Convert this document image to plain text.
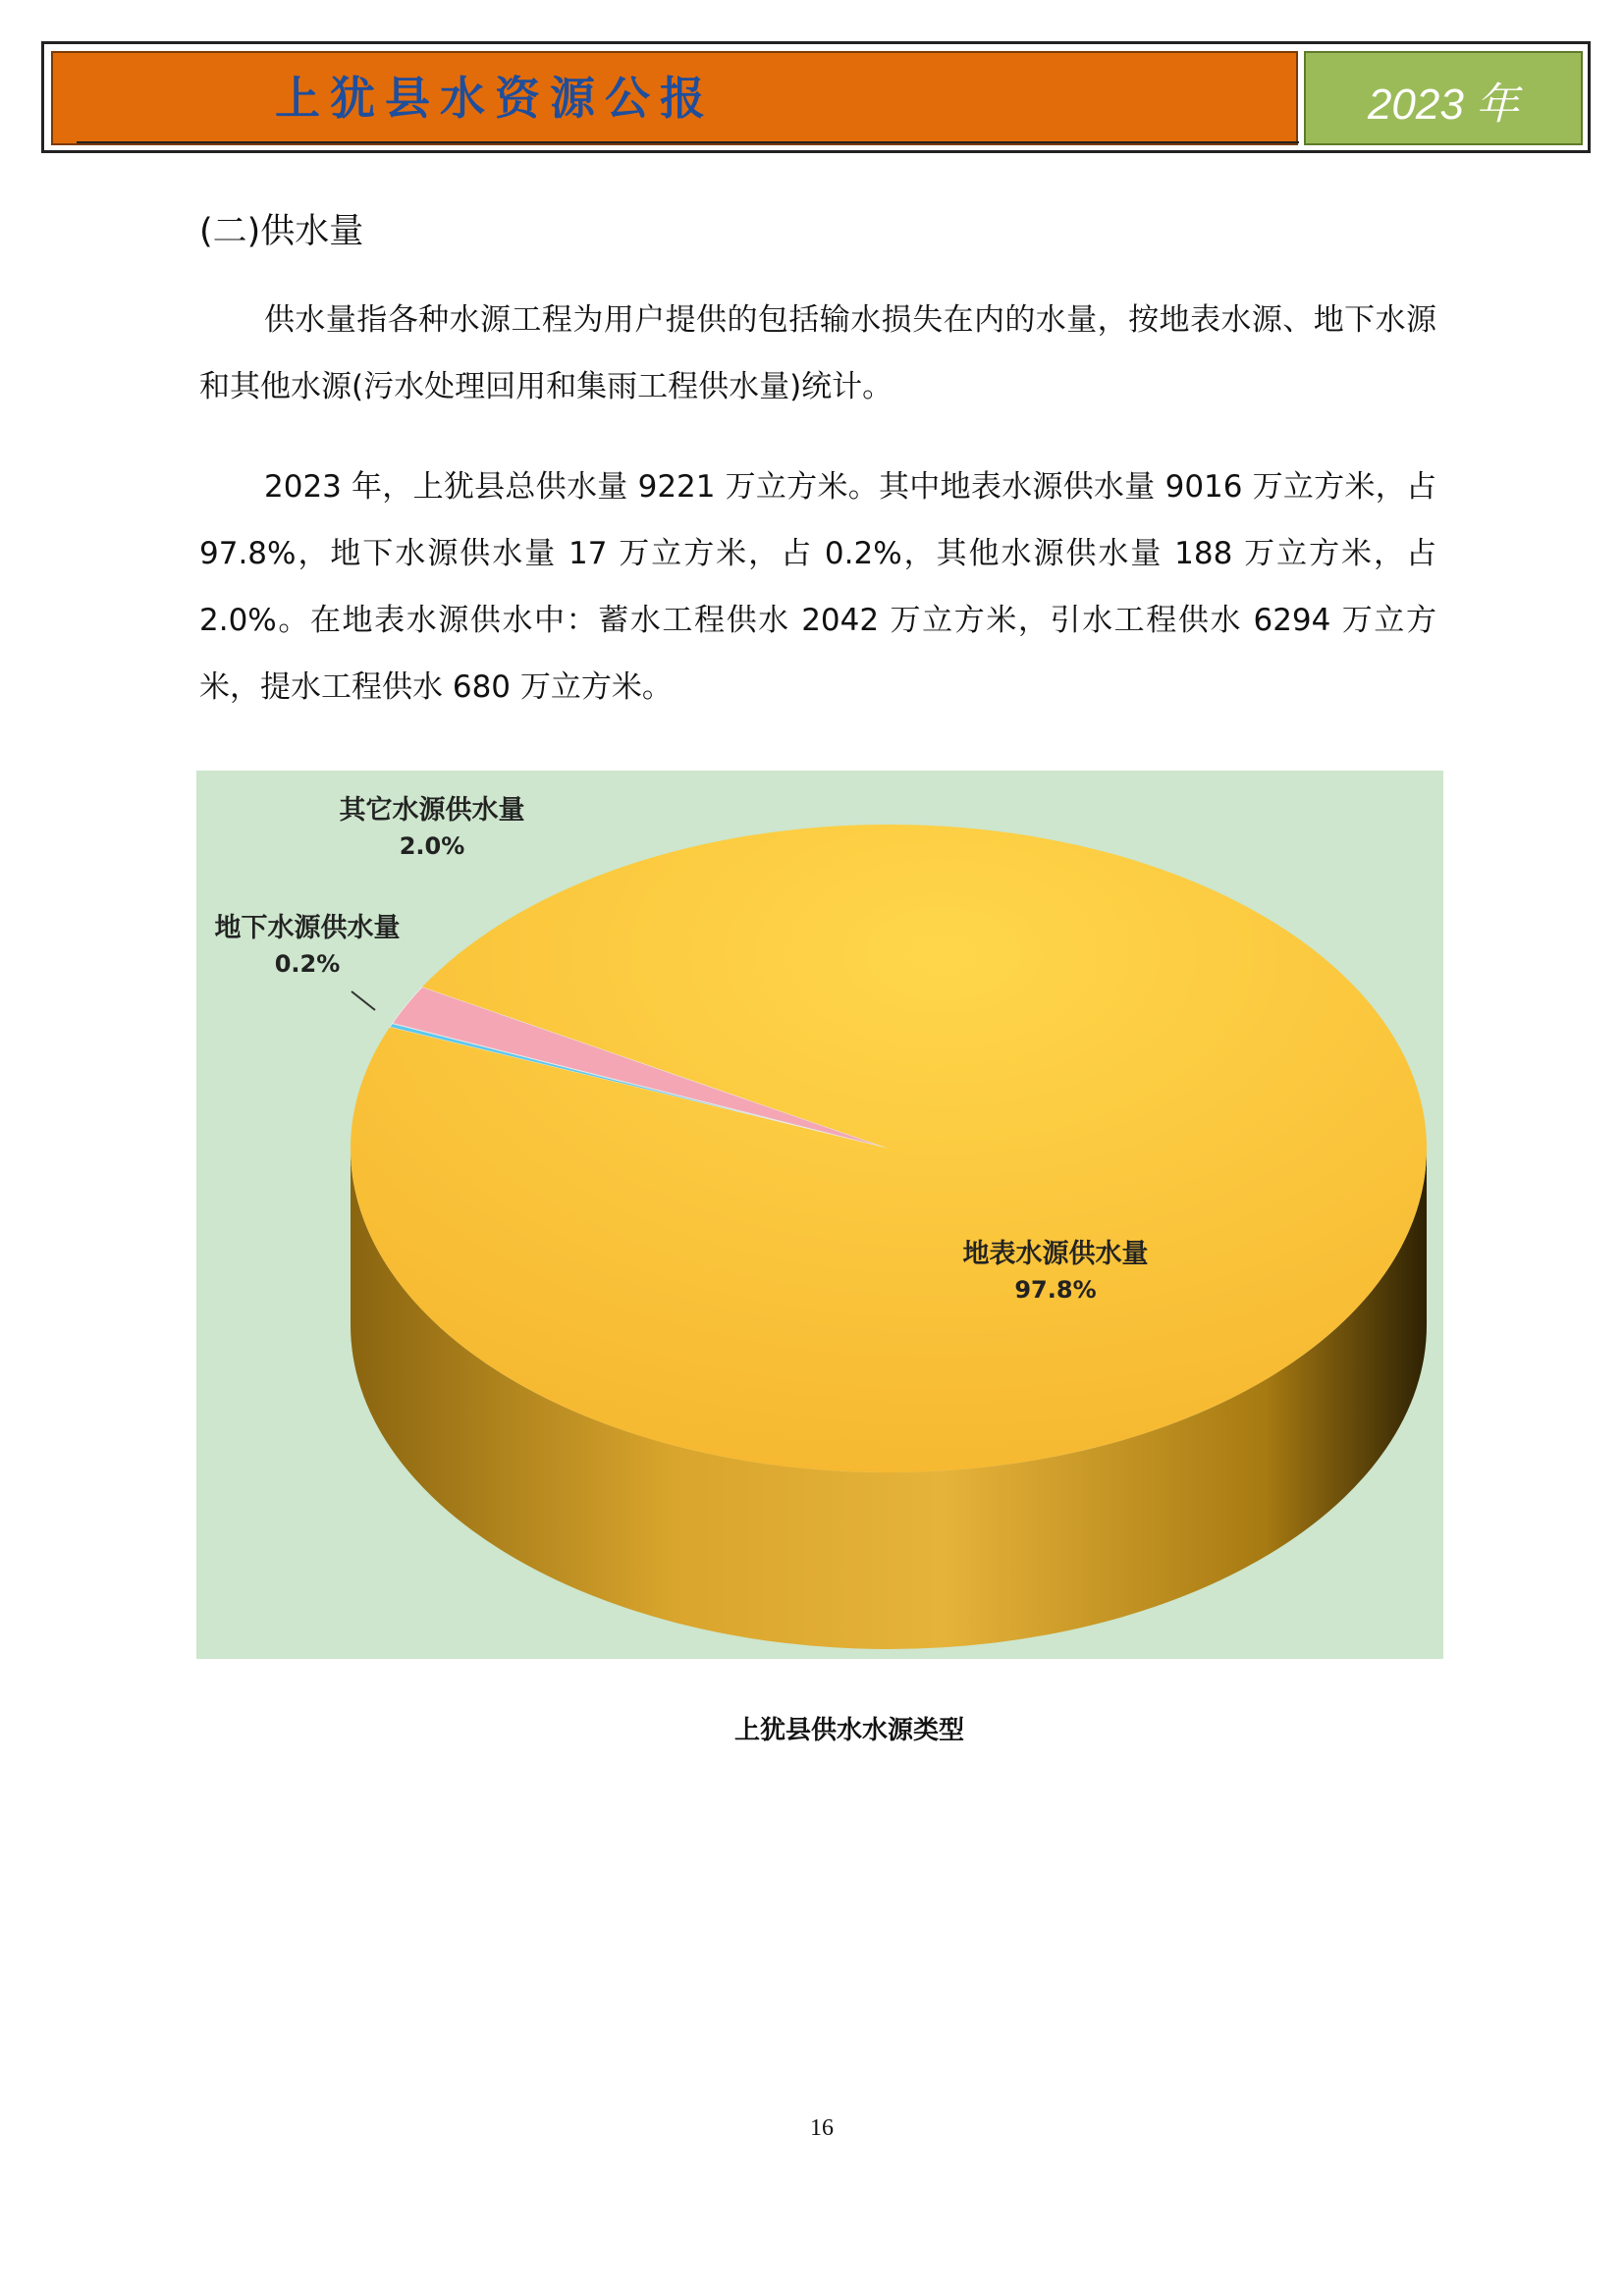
上犹县水资源公报	2023 年
(二)供水量
供水量指各种水源工程为用户提供的包括输水损失在内的水量，按地表水源、地下水源和其他水源(污水处理回用和集雨工程供水量)统计。
2023 年，上犹县总供水量 9221 万立方米。其中地表水源供水量 9016 万立方米，占 97.8%，地下水源供水量 17 万立方米，占 0.2%，其他水源供水量 188 万立方米，占 2.0%。在地表水源供水中：蓄水工程供水 2042 万立方米，引水工程供水 6294 万立方米，提水工程供水 680 万立方米。
其它水源供水量
2.0%
地下水源供水量
0.2%
地表水源供水量
97.8%
上犹县供水水源类型
16
